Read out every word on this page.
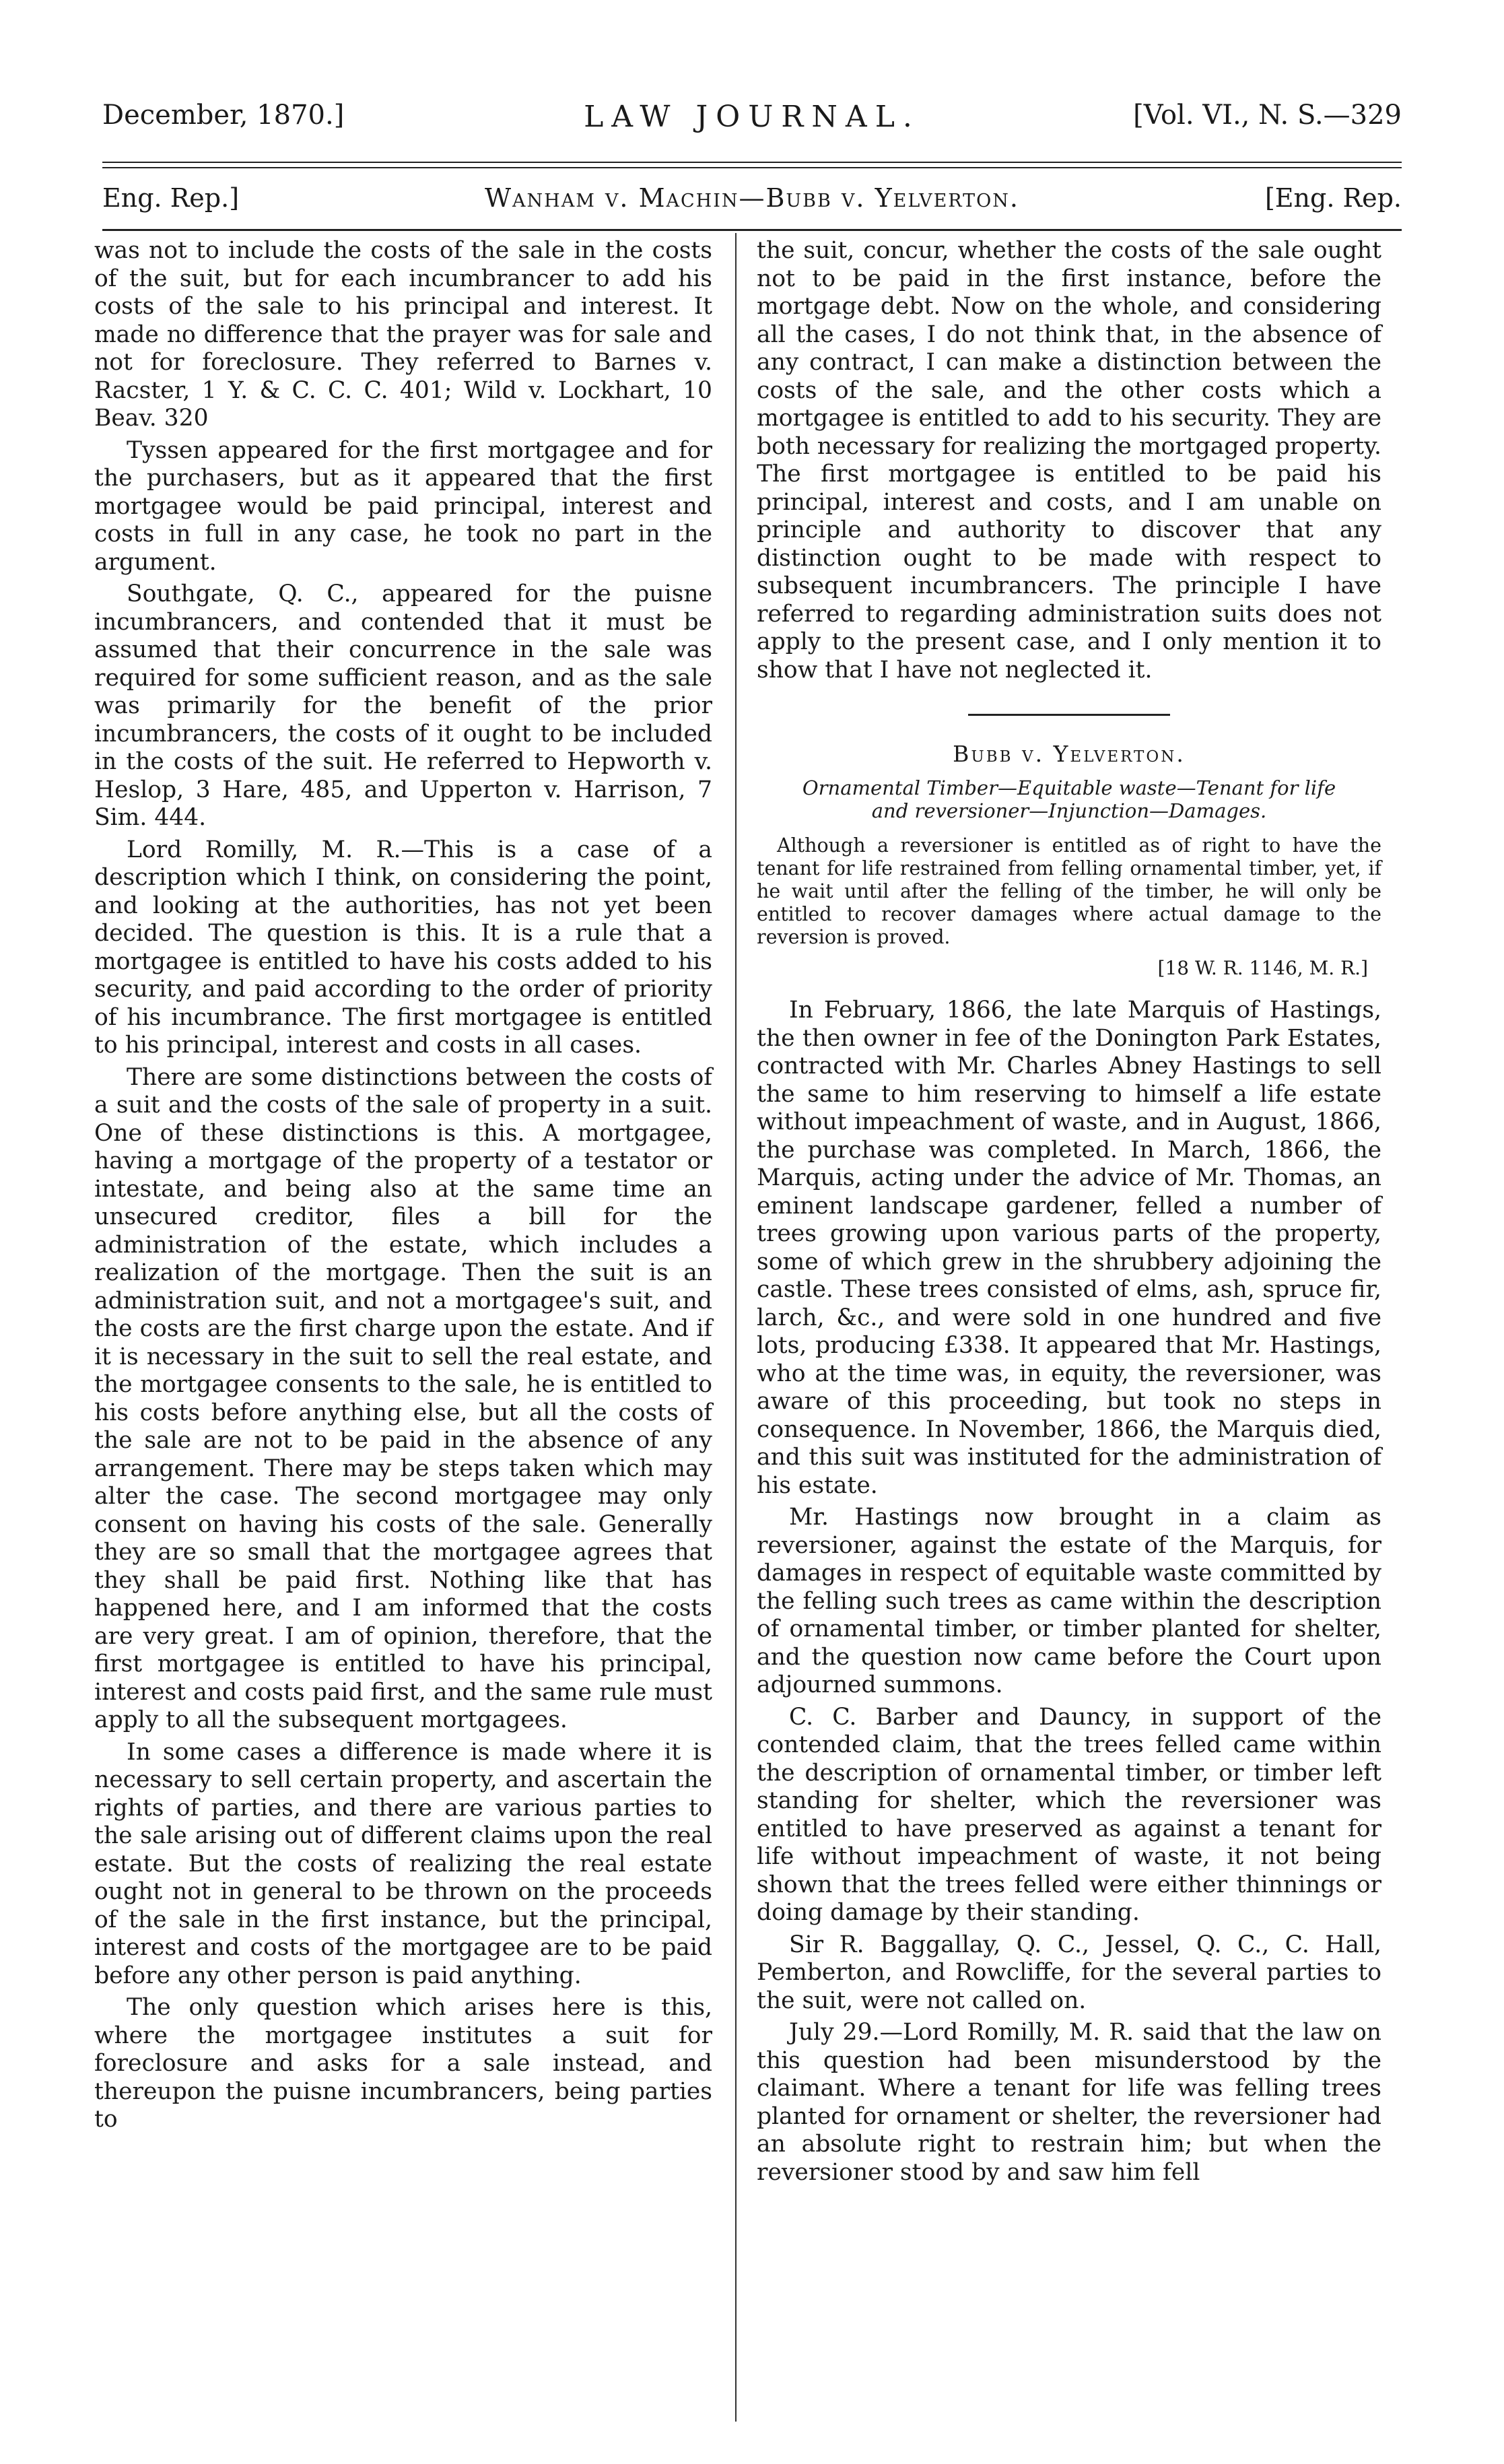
December, 1870.]	LAW JOURNAL.	[Vol. VI., N. S.—329
Eng. Rep.]	Wanham v. Machin—Bubb v. Yelverton.	[Eng. Rep.

was not to include the costs of the sale in the costs of the suit, but for each incumbrancer to add his costs of the sale to his principal and interest. It made no difference that the prayer was for sale and not for foreclosure. They referred to Barnes v. Racster, 1 Y. & C. C. C. 401; Wild v. Lockhart, 10 Beav. 320

Tyssen appeared for the first mortgagee and for the purchasers, but as it appeared that the first mortgagee would be paid principal, interest and costs in full in any case, he took no part in the argument.

Southgate, Q. C., appeared for the puisne incumbrancers, and contended that it must be assumed that their concurrence in the sale was required for some sufficient reason, and as the sale was primarily for the benefit of the prior incumbrancers, the costs of it ought to be included in the costs of the suit. He referred to Hepworth v. Heslop, 3 Hare, 485, and Upperton v. Harrison, 7 Sim. 444.

Lord Romilly, M. R.—This is a case of a description which I think, on considering the point, and looking at the authorities, has not yet been decided. The question is this. It is a rule that a mortgagee is entitled to have his costs added to his security, and paid according to the order of priority of his incumbrance. The first mortgagee is entitled to his principal, interest and costs in all cases.

There are some distinctions between the costs of a suit and the costs of the sale of property in a suit. One of these distinctions is this. A mortgagee, having a mortgage of the property of a testator or intestate, and being also at the same time an unsecured creditor, files a bill for the administration of the estate, which includes a realization of the mortgage. Then the suit is an administration suit, and not a mortgagee's suit, and the costs are the first charge upon the estate. And if it is necessary in the suit to sell the real estate, and the mortgagee consents to the sale, he is entitled to his costs before anything else, but all the costs of the sale are not to be paid in the absence of any arrangement. There may be steps taken which may alter the case. The second mortgagee may only consent on having his costs of the sale. Generally they are so small that the mortgagee agrees that they shall be paid first. Nothing like that has happened here, and I am informed that the costs are very great. I am of opinion, therefore, that the first mortgagee is entitled to have his principal, interest and costs paid first, and the same rule must apply to all the subsequent mortgagees.

In some cases a difference is made where it is necessary to sell certain property, and ascertain the rights of parties, and there are various parties to the sale arising out of different claims upon the real estate. But the costs of realizing the real estate ought not in general to be thrown on the proceeds of the sale in the first instance, but the principal, interest and costs of the mortgagee are to be paid before any other person is paid anything.

The only question which arises here is this, where the mortgagee institutes a suit for foreclosure and asks for a sale instead, and thereupon the puisne incumbrancers, being parties to

the suit, concur, whether the costs of the sale ought not to be paid in the first instance, before the mortgage debt. Now on the whole, and considering all the cases, I do not think that, in the absence of any contract, I can make a distinction between the costs of the sale, and the other costs which a mortgagee is entitled to add to his security. They are both necessary for realizing the mortgaged property. The first mortgagee is entitled to be paid his principal, interest and costs, and I am unable on principle and authority to discover that any distinction ought to be made with respect to subsequent incumbrancers. The principle I have referred to regarding administration suits does not apply to the present case, and I only mention it to show that I have not neglected it.

Bubb v. Yelverton.
Ornamental Timber—Equitable waste—Tenant for life and reversioner—Injunction—Damages.
Although a reversioner is entitled as of right to have the tenant for life restrained from felling ornamental timber, yet, if he wait until after the felling of the timber, he will only be entitled to recover damages where actual damage to the reversion is proved.
[18 W. R. 1146, M. R.]

In February, 1866, the late Marquis of Hastings, the then owner in fee of the Donington Park Estates, contracted with Mr. Charles Abney Hastings to sell the same to him reserving to himself a life estate without impeachment of waste, and in August, 1866, the purchase was completed. In March, 1866, the Marquis, acting under the advice of Mr. Thomas, an eminent landscape gardener, felled a number of trees growing upon various parts of the property, some of which grew in the shrubbery adjoining the castle. These trees consisted of elms, ash, spruce fir, larch, &c., and were sold in one hundred and five lots, producing £338. It appeared that Mr. Hastings, who at the time was, in equity, the reversioner, was aware of this proceeding, but took no steps in consequence. In November, 1866, the Marquis died, and this suit was instituted for the administration of his estate.

Mr. Hastings now brought in a claim as reversioner, against the estate of the Marquis, for damages in respect of equitable waste committed by the felling such trees as came within the description of ornamental timber, or timber planted for shelter, and the question now came before the Court upon adjourned summons.

C. C. Barber and Dauncy, in support of the contended claim, that the trees felled came within the description of ornamental timber, or timber left standing for shelter, which the reversioner was entitled to have preserved as against a tenant for life without impeachment of waste, it not being shown that the trees felled were either thinnings or doing damage by their standing.

Sir R. Baggallay, Q. C., Jessel, Q. C., C. Hall, Pemberton, and Rowcliffe, for the several parties to the suit, were not called on.

July 29.—Lord Romilly, M. R. said that the law on this question had been misunderstood by the claimant. Where a tenant for life was felling trees planted for ornament or shelter, the reversioner had an absolute right to restrain him; but when the reversioner stood by and saw him fell
